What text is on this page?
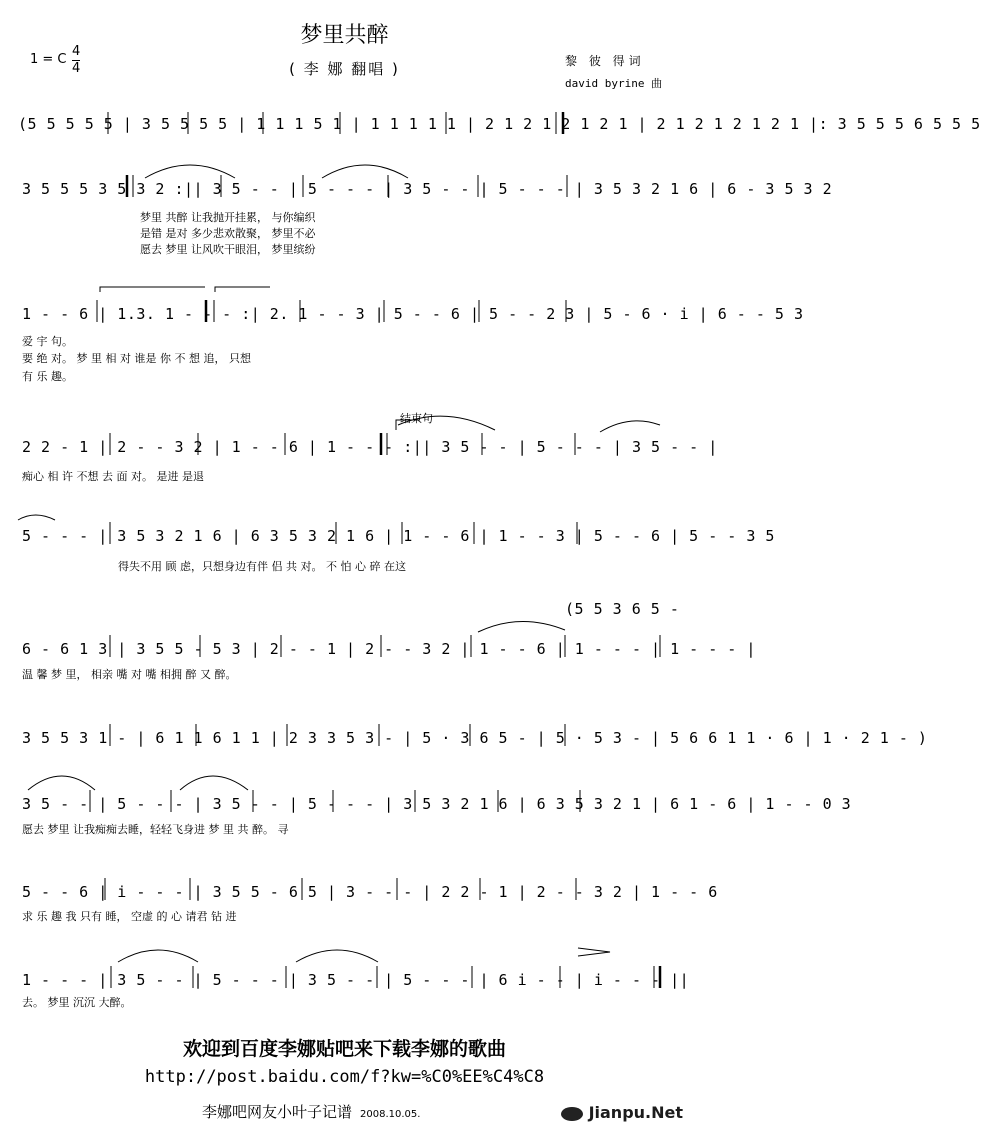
梦里共醉
( 李 娜 翻唱 )
1 = C
4
4	黎 彼 得词
david byrine 曲
(5 5 5 5 5 | 3 5 5 5 5 | 1 1 1 5 1 | 1 1 1 1 1 | 2 1 2 1 2 1 2 1 | 2 1 2 1 2 1 2 1 |: 3 5 5 5 6 5 5 5
3 5 5 5 3 5 3 2 :|| 3 5 - - | 5 - - - | 3 5 - - | 5 - - - | 3 5 3 2 1 6 | 6 - 3 5 3 2
梦里 共醉 让我抛开挂累， 与你编织
是错 是对 多少悲欢散聚， 梦里不必
愿去 梦里 让风吹干眼泪， 梦里缤纷
1 - - 6 | 1.3. 1 - - - :| 2. 1 - - 3 | 5 - - 6 | 5 - - 2 3 | 5 - 6 · i | 6 - - 5 3
爱 宇 句。
要 绝 对。 梦 里 相 对 谁是 你 不 想 追， 只想
有 乐 趣。
结束句
2 2 - 1 | 2 - - 3 2 | 1 - - 6 | 1 - - - :|| 3 5 - - | 5 - - - | 3 5 - - |
痴心 相 许 不想 去 面 对。 是进 是退
5 - - - | 3 5 3 2 1 6 | 6 3 5 3 2 1 6 | 1 - - 6 | 1 - - 3 | 5 - - 6 | 5 - - 3 5
得失不用 顾 虑，只想身边有伴 侣 共 对。 不 怕 心 碎 在这
(5 5 3 6 5 -
6 - 6 1 3 | 3 5 5 - 5 3 | 2 - - 1 | 2 - - 3 2 | 1 - - 6 | 1 - - - | 1 - - - |
温 馨 梦 里， 相亲 嘴 对 嘴 相拥 醉 又 醉。
3 5 5 3 1 - | 6 1 1 6 1 1 | 2 3 3 5 3 - | 5 · 3 6 5 - | 5 · 5 3 - | 5 6 6 1 1 · 6 | 1 · 2 1 - )
3 5 - - | 5 - - - | 3 5 - - | 5 - - - | 3 5 3 2 1 6 | 6 3 5 3 2 1 | 6 1 - 6 | 1 - - 0 3
愿去 梦里 让我痴痴去睡，轻轻飞身进 梦 里 共 醉。 寻
5 - - 6 | i - - - | 3 5 5 - 6 5 | 3 - - - | 2 2 - 1 | 2 - - 3 2 | 1 - - 6
求 乐 趣 我 只有 睡， 空虚 的 心 请君 钻 进
1 - - - | 3 5 - - | 5 - - - | 3 5 - - | 5 - - - | 6 i - - | i - - - ||
去。 梦里 沉沉 大醉。
欢迎到百度李娜贴吧来下载李娜的歌曲
http://post.baidu.com/f?kw=%C0%EE%C4%C8
李娜吧网友小叶子记谱 2008.10.05.	Jianpu.Net
